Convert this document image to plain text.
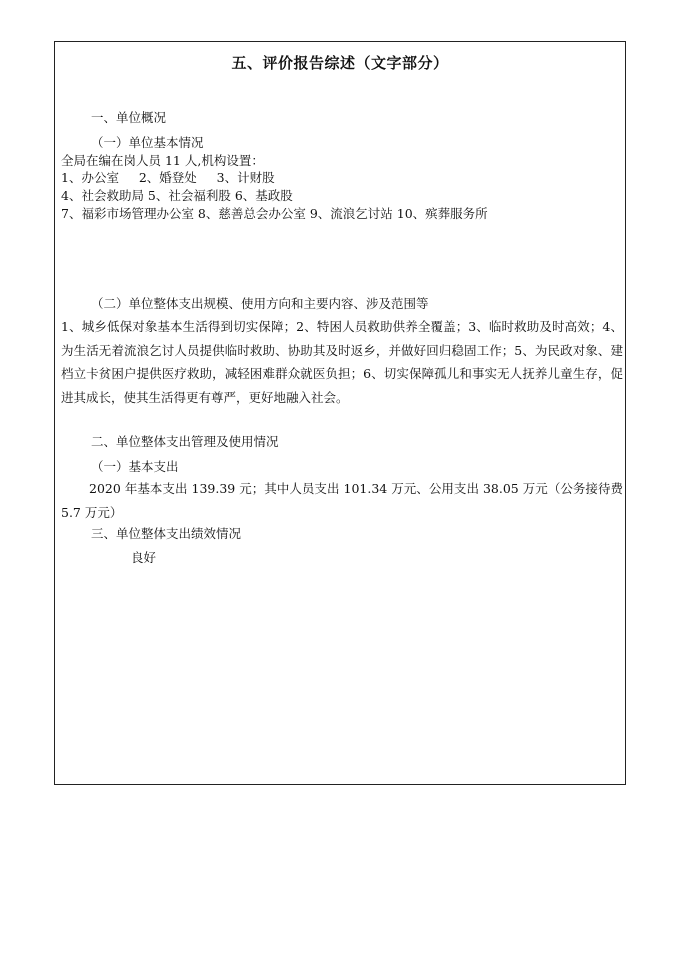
五、评价报告综述（文字部分）
一、单位概况
（一）单位基本情况
全局在编在岗人员 11 人,机构设置：
1、办公室     2、婚登处     3、计财股
4、社会救助局 5、社会福利股 6、基政股
7、福彩市场管理办公室 8、慈善总会办公室 9、流浪乞讨站 10、殡葬服务所
（二）单位整体支出规模、使用方向和主要内容、涉及范围等
1、城乡低保对象基本生活得到切实保障；2、特困人员救助供养全覆盖；3、临时救助及时高效；4、为生活无着流浪乞讨人员提供临时救助、协助其及时返乡，并做好回归稳固工作；5、为民政对象、建档立卡贫困户提供医疗救助，减轻困难群众就医负担；6、切实保障孤儿和事实无人抚养儿童生存，促进其成长，使其生活得更有尊严，更好地融入社会。
二、单位整体支出管理及使用情况
（一）基本支出
2020 年基本支出 139.39 元；其中人员支出 101.34 万元、公用支出 38.05 万元（公务接待费 5.7 万元）
三、单位整体支出绩效情况
良好
